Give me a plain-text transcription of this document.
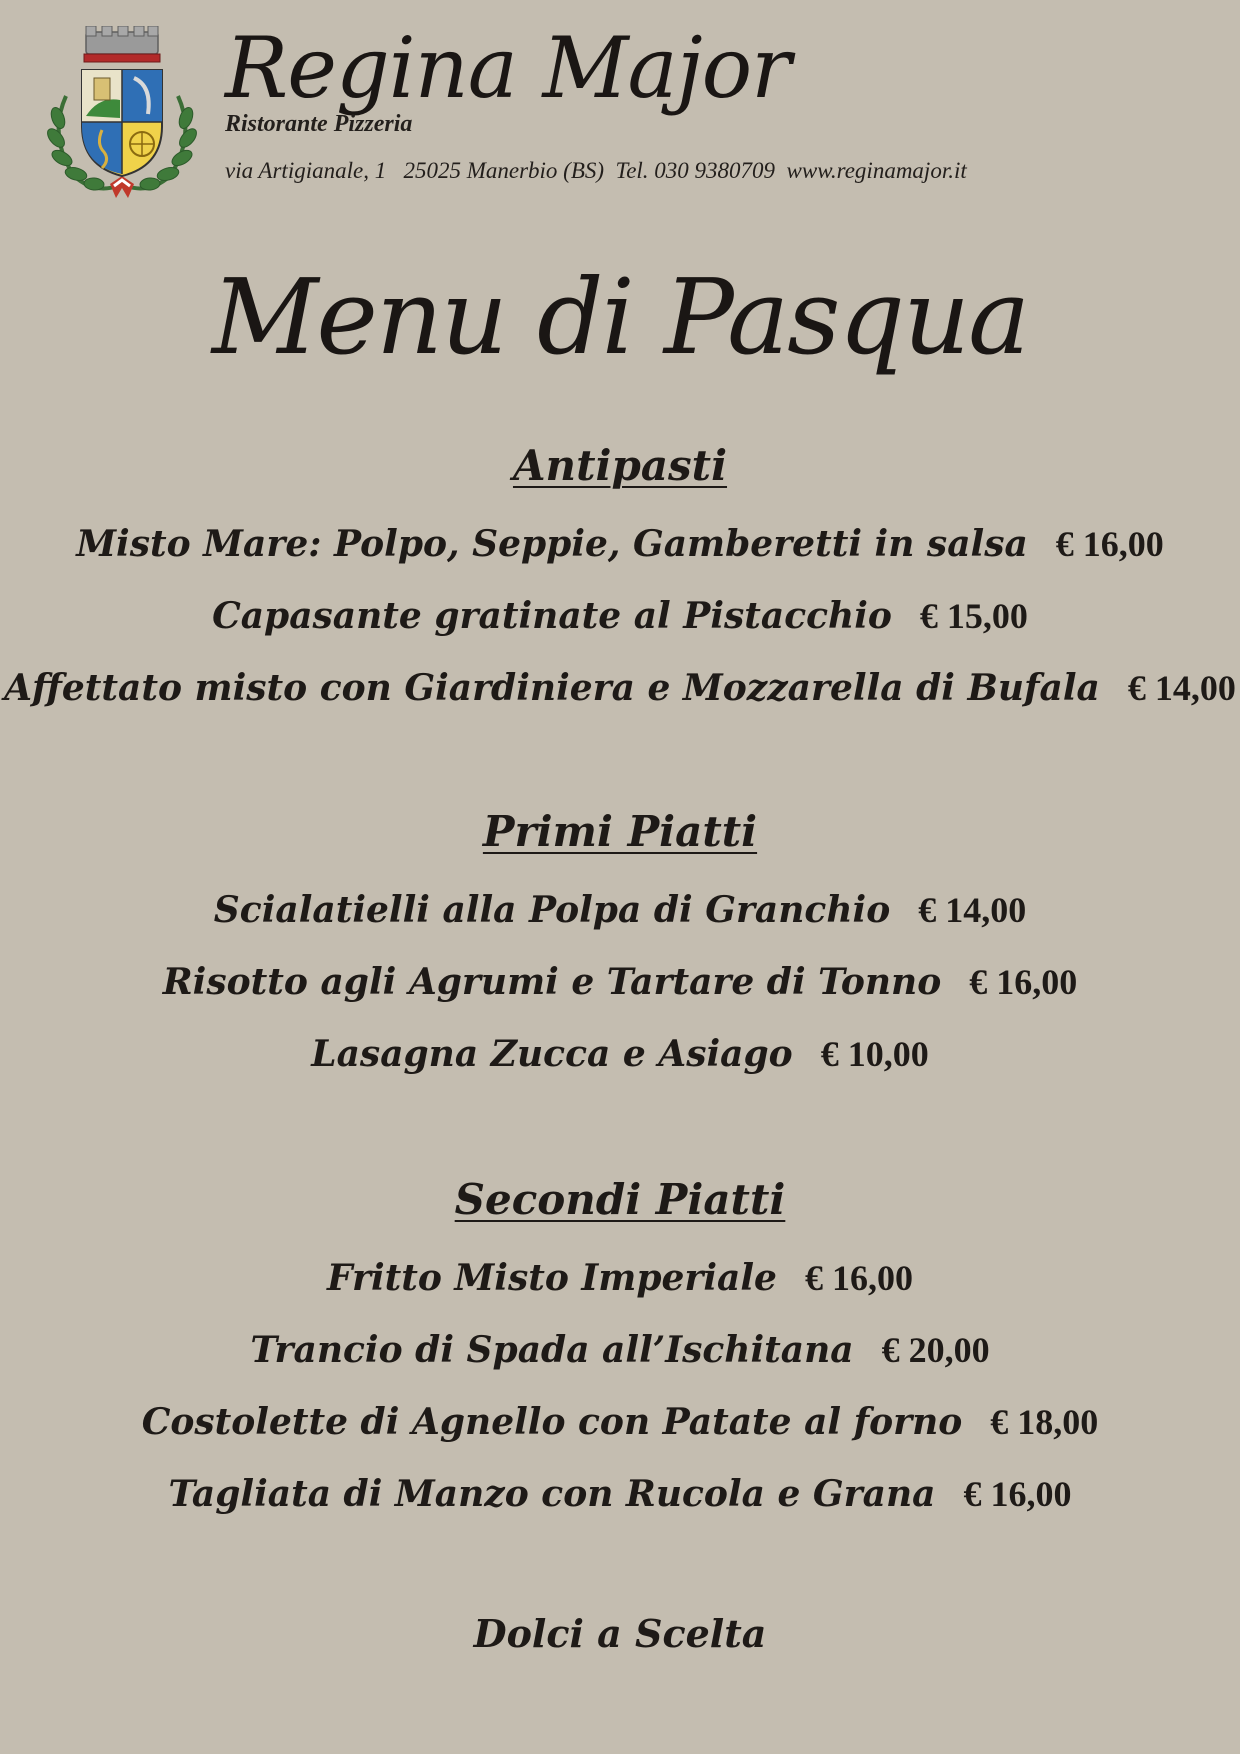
Regina Major
Ristorante Pizzeria
via Artigianale, 1   25025 Manerbio (BS)  Tel. 030 9380709  www.reginamajor.it
Menu di Pasqua
Antipasti
Misto Mare: Polpo, Seppie, Gamberetti in salsa € 16,00
Capasante gratinate al Pistacchio € 15,00
Affettato misto con Giardiniera e Mozzarella di Bufala € 14,00
Primi Piatti
Scialatielli alla Polpa di Granchio € 14,00
Risotto agli Agrumi e Tartare di Tonno € 16,00
Lasagna Zucca e Asiago € 10,00
Secondi Piatti
Fritto Misto Imperiale € 16,00
Trancio di Spada all’Ischitana € 20,00
Costolette di Agnello con Patate al forno € 18,00
Tagliata di Manzo con Rucola e Grana € 16,00
Dolci a Scelta
